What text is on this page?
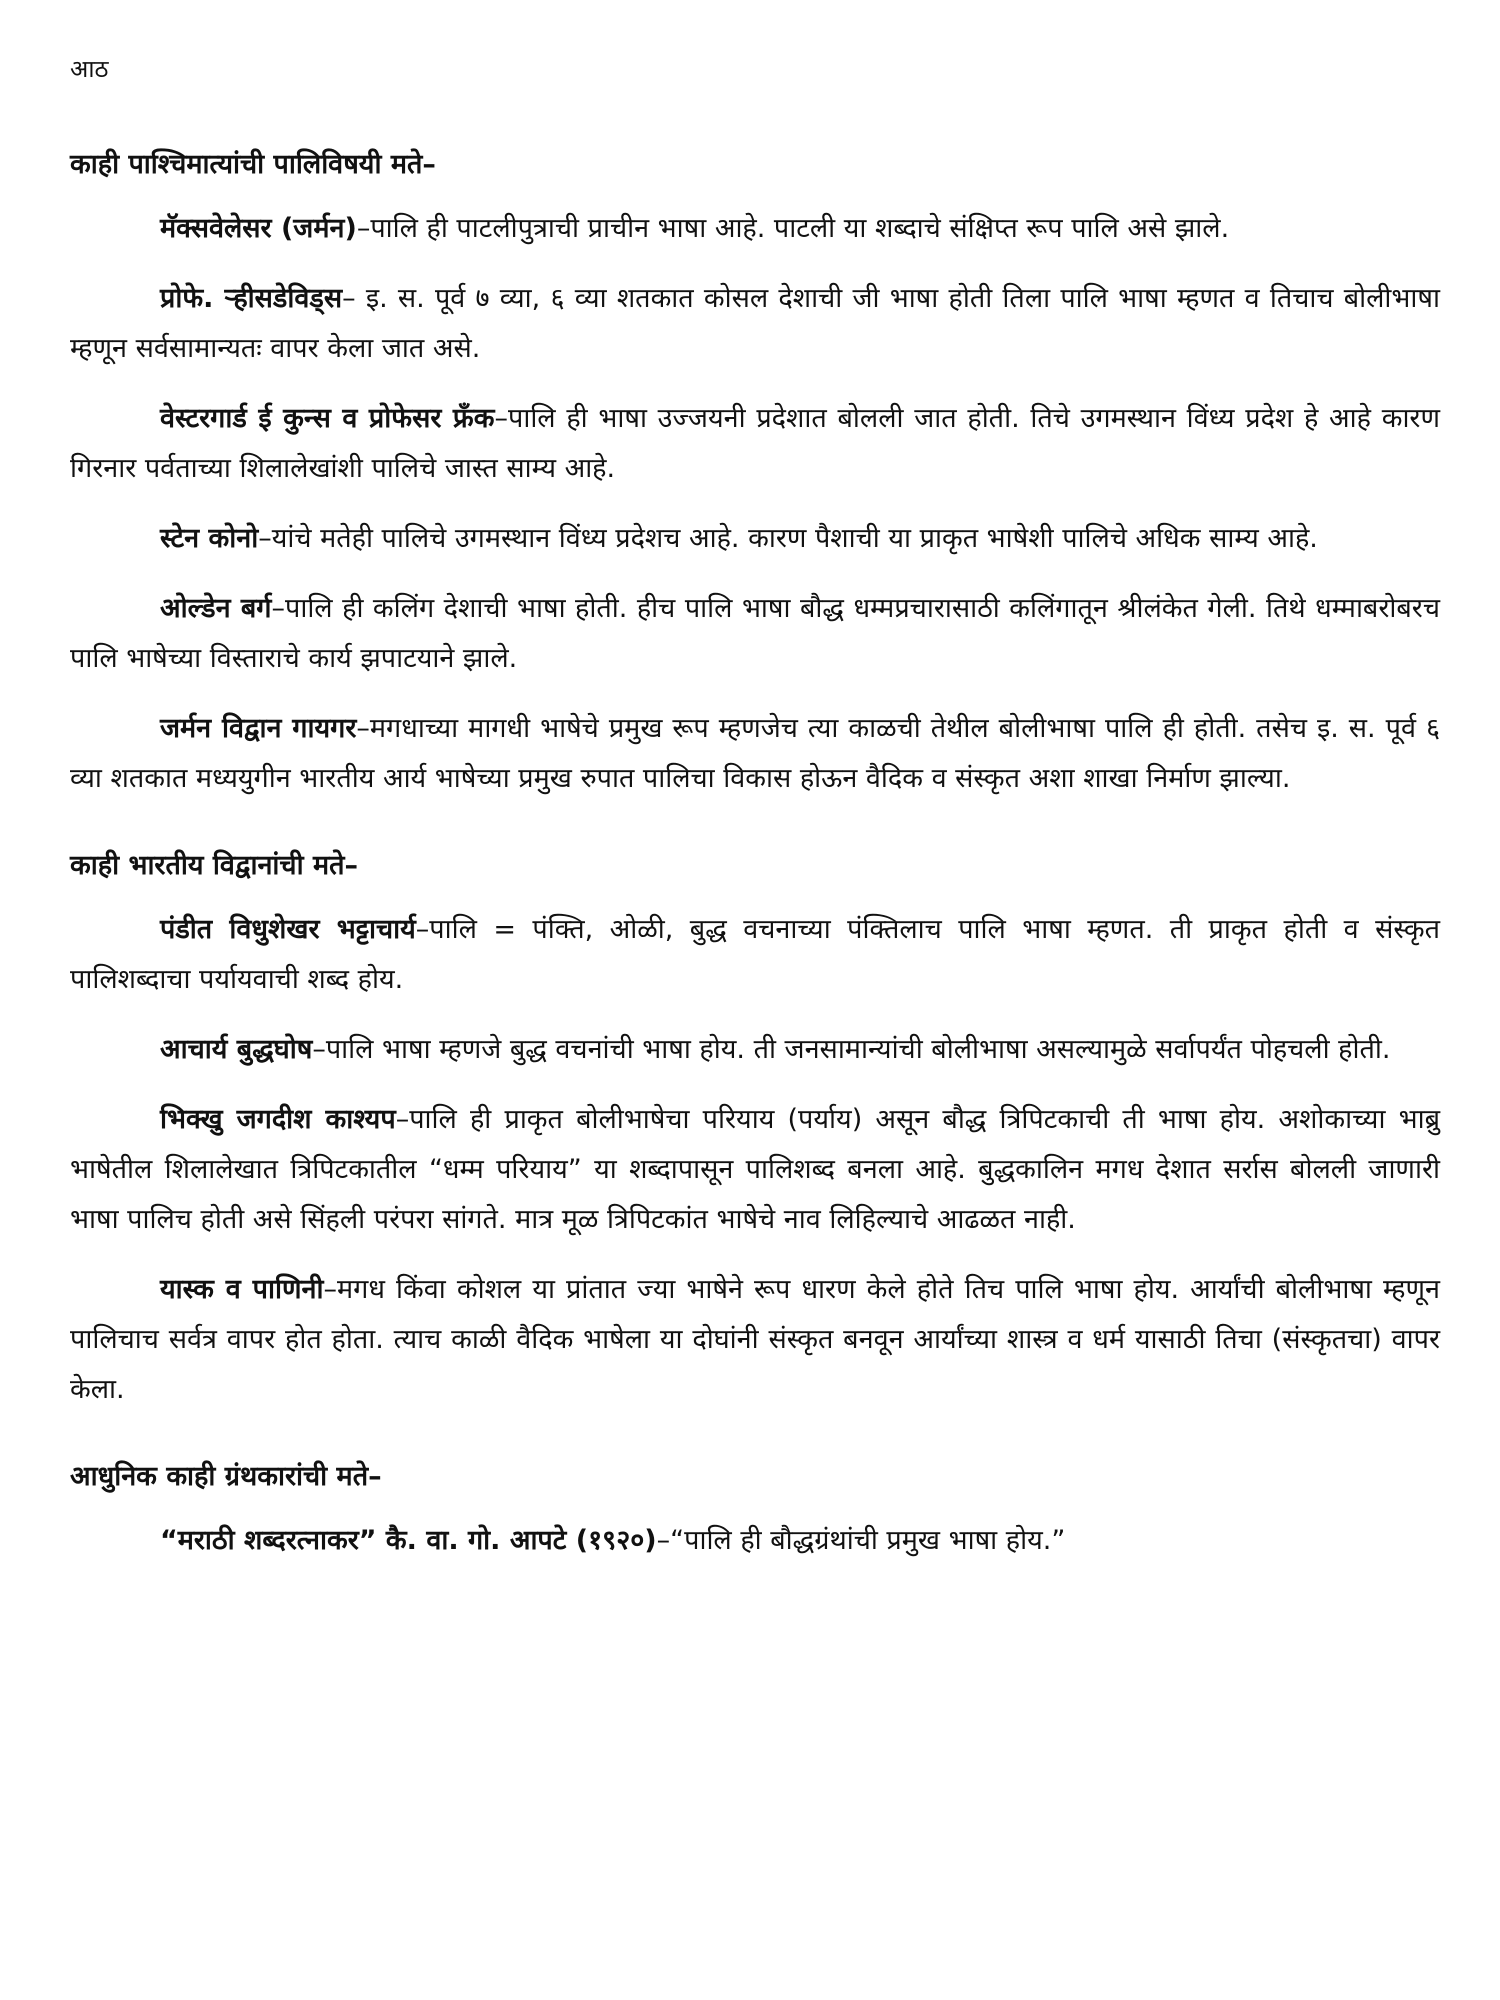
आठ
काही पाश्चिमात्यांची पालिविषयी मते–

मॅक्सवेलेसर (जर्मन)–पालि ही पाटलीपुत्राची प्राचीन भाषा आहे. पाटली या शब्दाचे संक्षिप्त रूप पालि असे झाले.

प्रोफे. ऱ्हीसडेविड्स– इ. स. पूर्व ७ व्या, ६ व्या शतकात कोसल देशाची जी भाषा होती तिला पालि भाषा म्हणत व तिचाच बोलीभाषा म्हणून सर्वसामान्यतः वापर केला जात असे.

वेस्टरगार्ड ई कुन्स व प्रोफेसर फ्रँक–पालि ही भाषा उज्जयनी प्रदेशात बोलली जात होती. तिचे उगमस्थान विंध्य प्रदेश हे आहे कारण गिरनार पर्वताच्या शिलालेखांशी पालिचे जास्त साम्य आहे.

स्टेन कोनो–यांचे मतेही पालिचे उगमस्थान विंध्य प्रदेशच आहे. कारण पैशाची या प्राकृत भाषेशी पालिचे अधिक साम्य आहे.

ओल्डेन बर्ग–पालि ही कलिंग देशाची भाषा होती. हीच पालि भाषा बौद्ध धम्मप्रचारासाठी कलिंगातून श्रीलंकेत गेली. तिथे धम्माबरोबरच पालि भाषेच्या विस्ताराचे कार्य झपाटयाने झाले.

जर्मन विद्वान गायगर–मगधाच्या मागधी भाषेचे प्रमुख रूप म्हणजेच त्या काळची तेथील बोलीभाषा पालि ही होती. तसेच इ. स. पूर्व ६ व्या शतकात मध्ययुगीन भारतीय आर्य भाषेच्या प्रमुख रुपात पालिचा विकास होऊन वैदिक व संस्कृत अशा शाखा निर्माण झाल्या.

काही भारतीय विद्वानांची मते–

पंडीत विधुशेखर भट्टाचार्य–पालि = पंक्ति, ओळी, बुद्ध वचनाच्या पंक्तिलाच पालि भाषा म्हणत. ती प्राकृत होती व संस्कृत पालिशब्दाचा पर्यायवाची शब्द होय.

आचार्य बुद्धघोष–पालि भाषा म्हणजे बुद्ध वचनांची भाषा होय. ती जनसामान्यांची बोलीभाषा असल्यामुळे सर्वापर्यंत पोहचली होती.

भिक्खु जगदीश काश्यप–पालि ही प्राकृत बोलीभाषेचा परियाय (पर्याय) असून बौद्ध त्रिपिटकाची ती भाषा होय. अशोकाच्या भाब्रु भाषेतील शिलालेखात त्रिपिटकातील “धम्म परियाय” या शब्दापासून पालिशब्द बनला आहे. बुद्धकालिन मगध देशात सर्रास बोलली जाणारी भाषा पालिच होती असे सिंहली परंपरा सांगते. मात्र मूळ त्रिपिटकांत भाषेचे नाव लिहिल्याचे आढळत नाही.

यास्क व पाणिनी–मगध किंवा कोशल या प्रांतात ज्या भाषेने रूप धारण केले होते तिच पालि भाषा होय. आर्यांची बोलीभाषा म्हणून पालिचाच सर्वत्र वापर होत होता. त्याच काळी वैदिक भाषेला या दोघांनी संस्कृत बनवून आर्यांच्या शास्त्र व धर्म यासाठी तिचा (संस्कृतचा) वापर केला.

आधुनिक काही ग्रंथकारांची मते–

“मराठी शब्दरत्नाकर” कै. वा. गो. आपटे (१९२०)–“पालि ही बौद्धग्रंथांची प्रमुख भाषा होय.”
